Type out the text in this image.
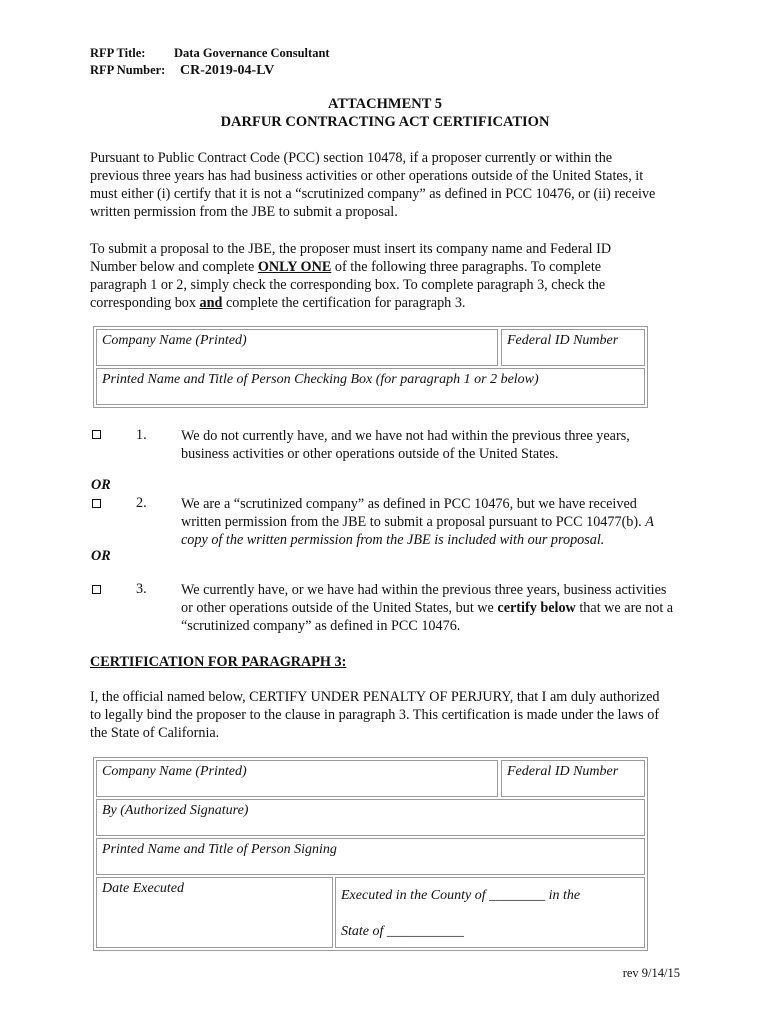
RFP Title: Data Governance Consultant
RFP Number: CR-2019-04-LV
ATTACHMENT 5
DARFUR CONTRACTING ACT CERTIFICATION
Pursuant to Public Contract Code (PCC) section 10478, if a proposer currently or within the previous three years has had business activities or other operations outside of the United States, it must either (i) certify that it is not a “scrutinized company” as defined in PCC 10476, or (ii) receive written permission from the JBE to submit a proposal.
To submit a proposal to the JBE, the proposer must insert its company name and Federal ID Number below and complete ONLY ONE of the following three paragraphs. To complete paragraph 1 or 2, simply check the corresponding box. To complete paragraph 3, check the corresponding box and complete the certification for paragraph 3.
Company Name (Printed)	Federal ID Number
Printed Name and Title of Person Checking Box (for paragraph 1 or 2 below)
1. We do not currently have, and we have not had within the previous three years, business activities or other operations outside of the United States.
OR
2. We are a “scrutinized company” as defined in PCC 10476, but we have received written permission from the JBE to submit a proposal pursuant to PCC 10477(b). A copy of the written permission from the JBE is included with our proposal.
OR
3. We currently have, or we have had within the previous three years, business activities or other operations outside of the United States, but we certify below that we are not a “scrutinized company” as defined in PCC 10476.
CERTIFICATION FOR PARAGRAPH 3:
I, the official named below, CERTIFY UNDER PENALTY OF PERJURY, that I am duly authorized to legally bind the proposer to the clause in paragraph 3. This certification is made under the laws of the State of California.
Company Name (Printed)	Federal ID Number
By (Authorized Signature)
Printed Name and Title of Person Signing
Date Executed	Executed in the County of ________ in the
State of ___________
rev 9/14/15
